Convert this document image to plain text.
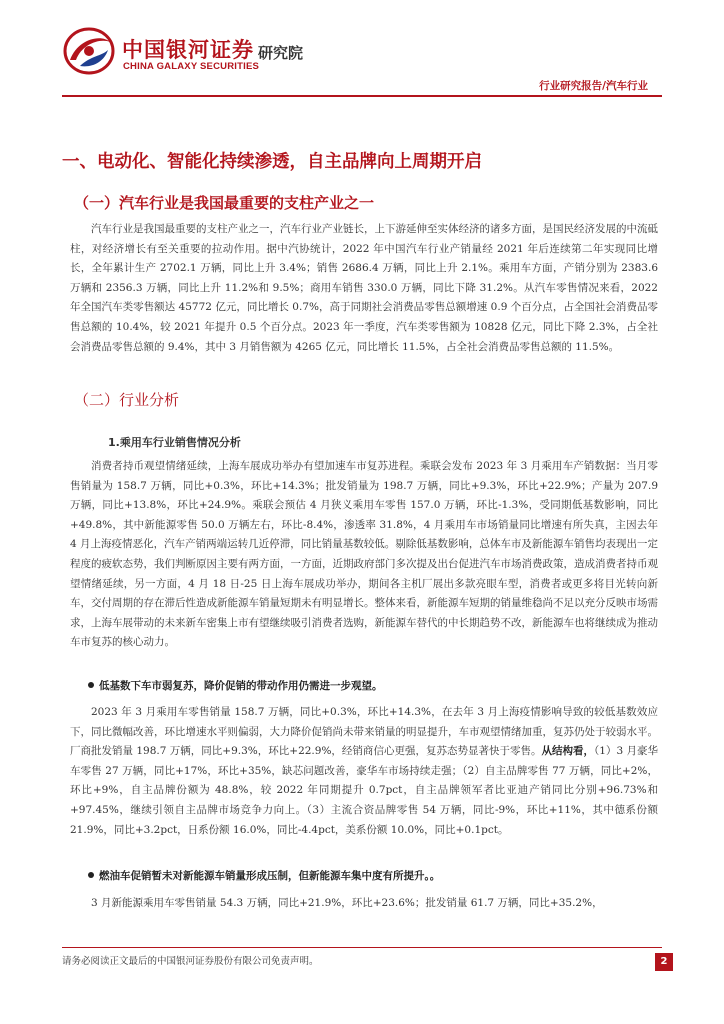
中国银河证券
CHINA GALAXY SECURITIES
研究院
行业研究报告/汽车行业
一、电动化、智能化持续渗透，自主品牌向上周期开启
（一）汽车行业是我国最重要的支柱产业之一
汽车行业是我国最重要的支柱产业之一，汽车行业产业链长，上下游延伸至实体经济的诸多方面，是国民经济发展的中流砥柱，对经济增长有至关重要的拉动作用。据中汽协统计，2022 年中国汽车行业产销量经 2021 年后连续第二年实现同比增长，全年累计生产 2702.1 万辆，同比上升 3.4%；销售 2686.4 万辆，同比上升 2.1%。乘用车方面，产销分别为 2383.6 万辆和 2356.3 万辆，同比上升 11.2%和 9.5%；商用车销售 330.0 万辆，同比下降 31.2%。从汽车零售情况来看，2022 年全国汽车类零售额达 45772 亿元，同比增长 0.7%，高于同期社会消费品零售总额增速 0.9 个百分点，占全国社会消费品零售总额的 10.4%，较 2021 年提升 0.5 个百分点。2023 年一季度，汽车类零售额为 10828 亿元，同比下降 2.3%，占全社会消费品零售总额的 9.4%，其中 3 月销售额为 4265 亿元，同比增长 11.5%，占全社会消费品零售总额的 11.5%。
（二）行业分析
1.乘用车行业销售情况分析
消费者持币观望情绪延续，上海车展成功举办有望加速车市复苏进程。乘联会发布 2023 年 3 月乘用车产销数据：当月零售销量为 158.7 万辆，同比+0.3%，环比+14.3%；批发销量为 198.7 万辆，同比+9.3%，环比+22.9%；产量为 207.9 万辆，同比+13.8%，环比+24.9%。乘联会预估 4 月狭义乘用车零售 157.0 万辆，环比-1.3%，受同期低基数影响，同比+49.8%，其中新能源零售 50.0 万辆左右，环比-8.4%，渗透率 31.8%，4 月乘用车市场销量同比增速有所失真，主因去年 4 月上海疫情恶化，汽车产销两端运转几近停滞，同比销量基数较低。剔除低基数影响，总体车市及新能源车销售均表现出一定程度的疲软态势，我们判断原因主要有两方面，一方面，近期政府部门多次提及出台促进汽车市场消费政策，造成消费者持币观望情绪延续，另一方面，4 月 18 日-25 日上海车展成功举办，期间各主机厂展出多款亮眼车型，消费者或更多将目光转向新车，交付周期的存在滞后性造成新能源车销量短期未有明显增长。整体来看，新能源车短期的销量维稳尚不足以充分反映市场需求，上海车展带动的未来新车密集上市有望继续吸引消费者选购，新能源车替代的中长期趋势不改，新能源车也将继续成为推动车市复苏的核心动力。
低基数下车市弱复苏，降价促销的带动作用仍需进一步观望。
2023 年 3 月乘用车零售销量 158.7 万辆，同比+0.3%，环比+14.3%，在去年 3 月上海疫情影响导致的较低基数效应下，同比微幅改善，环比增速水平则偏弱，大力降价促销尚未带来销量的明显提升，车市观望情绪加重，复苏仍处于较弱水平。厂商批发销量 198.7 万辆，同比+9.3%，环比+22.9%，经销商信心更强，复苏态势显著快于零售。从结构看，（1）3 月豪华车零售 27 万辆，同比+17%，环比+35%，缺芯问题改善，豪华车市场持续走强；（2）自主品牌零售 77 万辆，同比+2%，环比+9%，自主品牌份额为 48.8%，较 2022 年同期提升 0.7pct，自主品牌领军者比亚迪产销同比分别+96.73%和+97.45%，继续引领自主品牌市场竞争力向上。（3）主流合资品牌零售 54 万辆，同比-9%，环比+11%，其中德系份额 21.9%，同比+3.2pct，日系份额 16.0%，同比-4.4pct，美系份额 10.0%，同比+0.1pct。
燃油车促销暂未对新能源车销量形成压制，但新能源车集中度有所提升。。
3 月新能源乘用车零售销量 54.3 万辆，同比+21.9%，环比+23.6%；批发销量 61.7 万辆，同比+35.2%，
请务必阅读正文最后的中国银河证券股份有限公司免责声明。	2
